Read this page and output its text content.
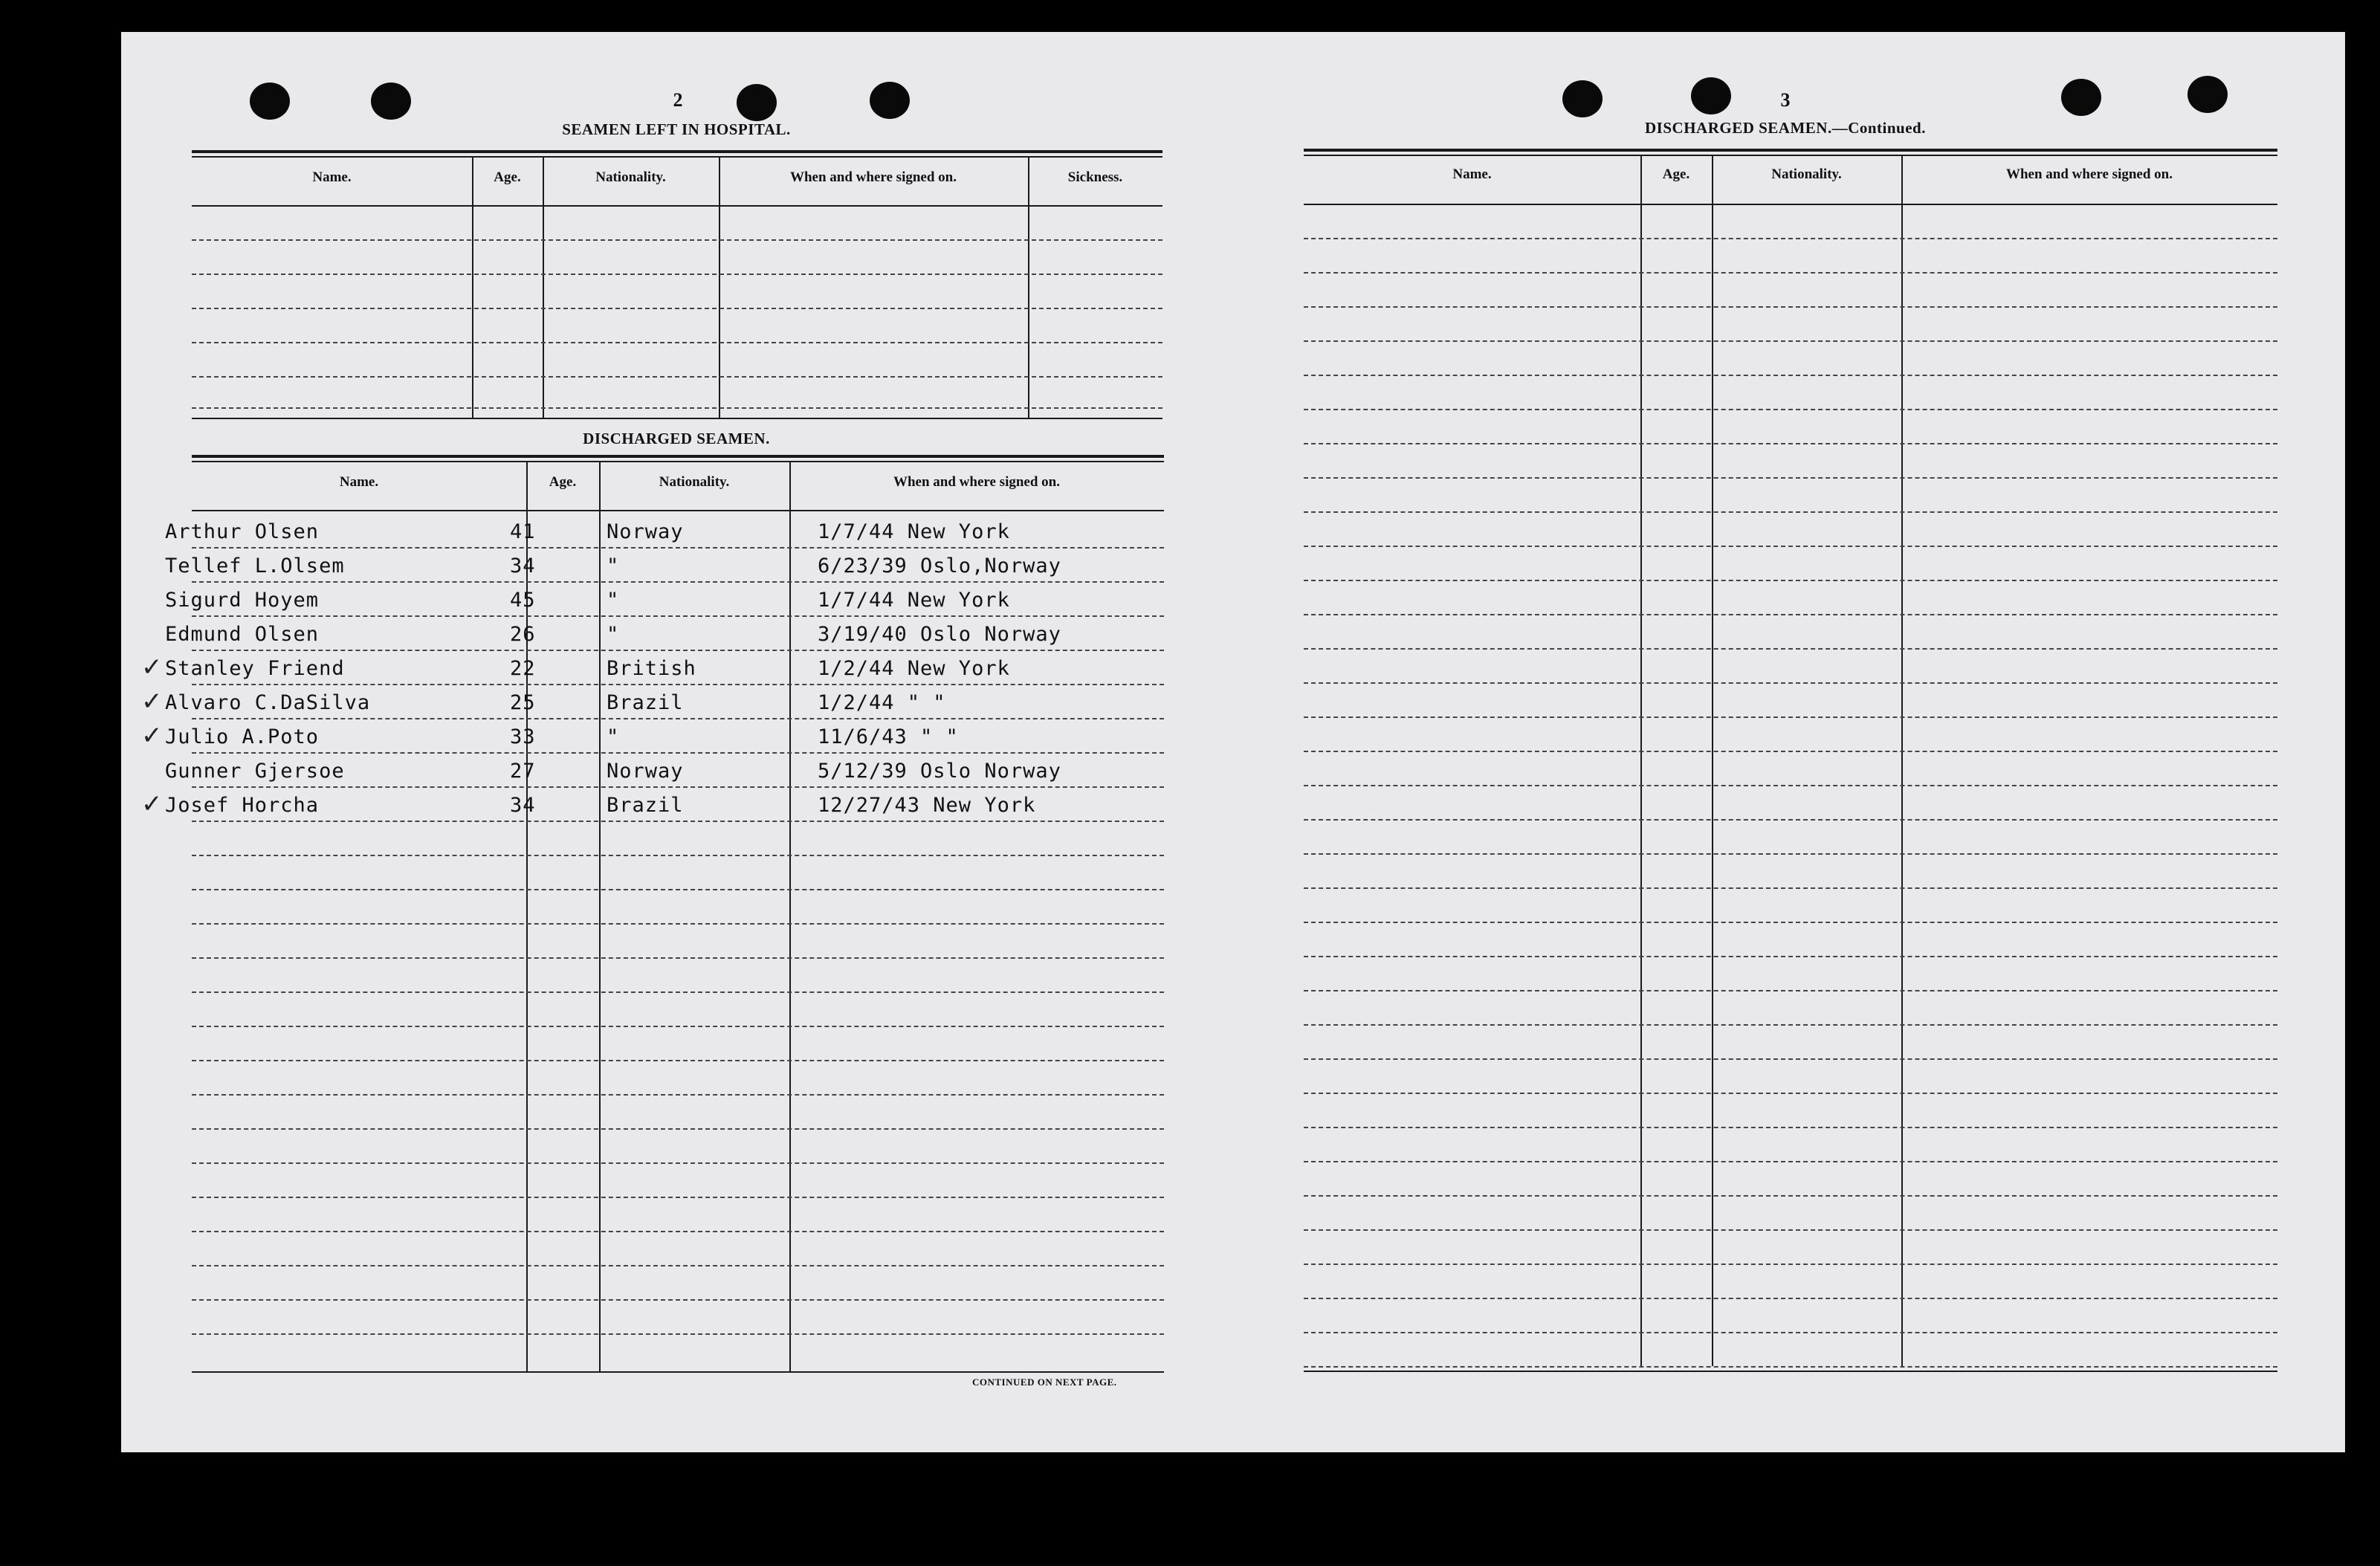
2
SEAMEN LEFT IN HOSPITAL.
Name.	Age.	Nationality.	When and where signed on.	Sickness.
DISCHARGED SEAMEN.
Name.	Age.	Nationality.	When and where signed on.
Arthur Olsen	41	Norway	1/7/44 New York
Tellef L.Olsem	34	"	6/23/39 Oslo,Norway
Sigurd Hoyem	45	"	1/7/44 New York
Edmund Olsen	26	"	3/19/40 Oslo Norway
✓ Stanley Friend	22	British	1/2/44 New York
✓ Alvaro C.DaSilva	25	Brazil	1/2/44 " "
✓ Julio A.Poto	33	"	11/6/43 " "
Gunner Gjersoe	27	Norway	5/12/39 Oslo Norway
✓ Josef Horcha	34	Brazil	12/27/43 New York
CONTINUED ON NEXT PAGE.
3
DISCHARGED SEAMEN.—Continued.
Name.	Age.	Nationality.	When and where signed on.
